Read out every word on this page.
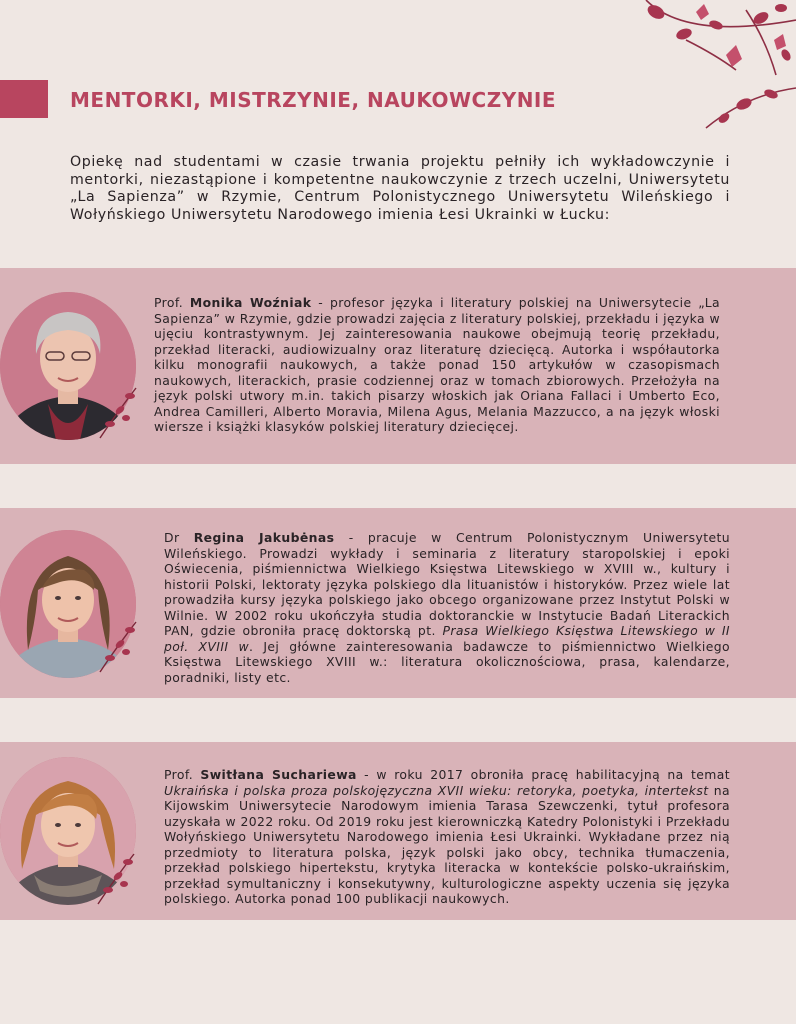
MENTORKI, MISTRZYNIE, NAUKOWCZYNIE

Opiekę nad studentami w czasie trwania projektu pełniły ich wykładowczynie i mentorki, niezastąpione i kompetentne naukowczynie z trzech uczelni, Uniwersytetu „La Sapienza” w Rzymie, Centrum Polonistycznego Uniwersytetu Wileńskiego i Wołyńskiego Uniwersytetu Narodowego imienia Łesi Ukrainki w Łucku:

Prof. Monika Woźniak - profesor języka i literatury polskiej na Uniwersytecie „La Sapienza” w Rzymie, gdzie prowadzi zajęcia z literatury polskiej, przekładu i języka w ujęciu kontrastywnym. Jej zainteresowania naukowe obejmują teorię przekładu, przekład literacki, audiowizualny oraz literaturę dziecięcą. Autorka i współautorka kilku monografii naukowych, a także ponad 150 artykułów w czasopismach naukowych, literackich, prasie codziennej oraz w tomach zbiorowych. Przełożyła na język polski utwory m.in. takich pisarzy włoskich jak Oriana Fallaci i Umberto Eco, Andrea Camilleri, Alberto Moravia, Milena Agus, Melania Mazzucco, a na język włoski wiersze i książki klasyków polskiej literatury dziecięcej.

Dr Regina Jakubėnas - pracuje w Centrum Polonistycznym Uniwersytetu Wileńskiego. Prowadzi wykłady i seminaria z literatury staropolskiej i epoki Oświecenia, piśmiennictwa Wielkiego Księstwa Litewskiego w XVIII w., kultury i historii Polski, lektoraty języka polskiego dla lituanistów i historyków. Przez wiele lat prowadziła kursy języka polskiego jako obcego organizowane przez Instytut Polski w Wilnie. W 2002 roku ukończyła studia doktoranckie w Instytucie Badań Literackich PAN, gdzie obroniła pracę doktorską pt. Prasa Wielkiego Księstwa Litewskiego w II poł. XVIII w. Jej główne zainteresowania badawcze to piśmiennictwo Wielkiego Księstwa Litewskiego XVIII w.: literatura okolicznościowa, prasa, kalendarze, poradniki, listy etc.

Prof. Switłana Suchariewa - w roku 2017 obroniła pracę habilitacyjną na temat Ukraińska i polska proza polskojęzyczna XVII wieku: retoryka, poetyka, intertekst na Kijowskim Uniwersytecie Narodowym imienia Tarasa Szewczenki, tytuł profesora uzyskała w 2022 roku. Od 2019 roku jest kierowniczką Katedry Polonistyki i Przekładu Wołyńskiego Uniwersytetu Narodowego imienia Łesi Ukrainki. Wykładane przez nią przedmioty to literatura polska, język polski jako obcy, technika tłumaczenia, przekład polskiego hipertekstu, krytyka literacka w kontekście polsko-ukraińskim, przekład symultaniczny i konsekutywny, kulturologiczne aspekty uczenia się języka polskiego. Autorka ponad 100 publikacji naukowych.
